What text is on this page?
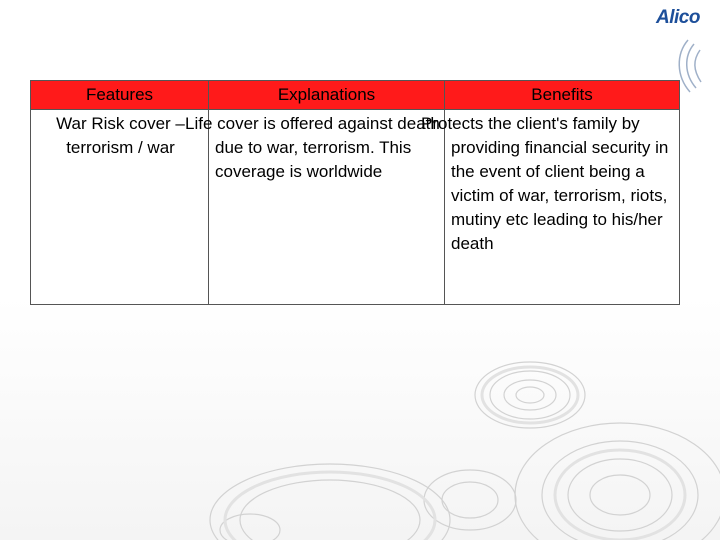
Alico
Features	Explanations	Benefits
War Risk cover – terrorism / war	Life cover is offered against death due to war, terrorism. This coverage is worldwide	Protects the client's family by providing financial security in the event of client being a victim of war, terrorism, riots, mutiny etc leading to his/her death
